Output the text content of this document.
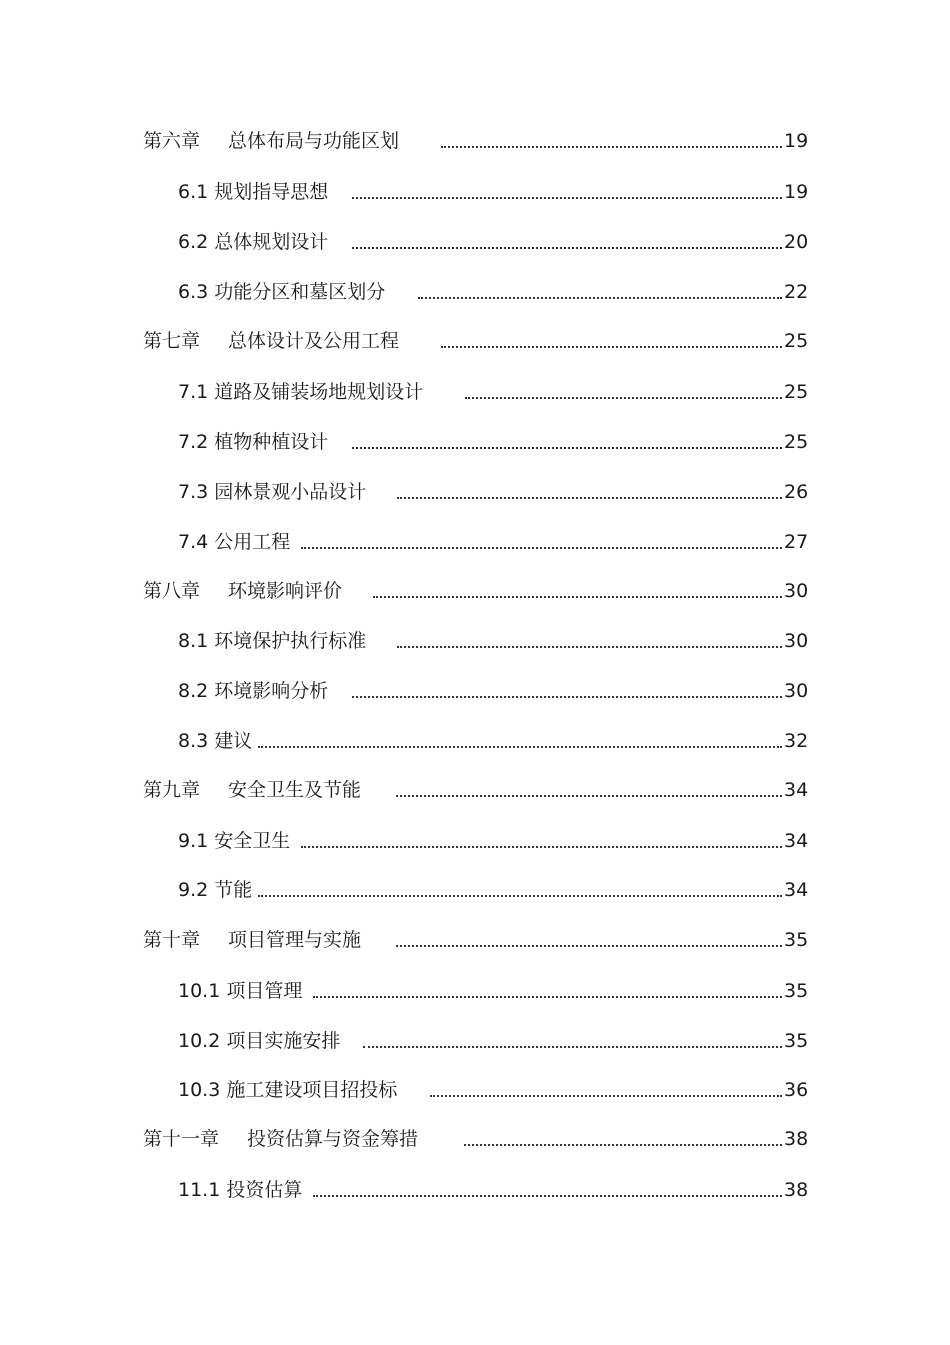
第六章 总体布局与功能区划	19
6.1 规划指导思想	19
6.2 总体规划设计	20
6.3 功能分区和墓区划分	22
第七章 总体设计及公用工程	25
7.1 道路及铺装场地规划设计	25
7.2 植物种植设计	25
7.3 园林景观小品设计	26
7.4 公用工程	27
第八章 环境影响评价	30
8.1 环境保护执行标准	30
8.2 环境影响分析	30
8.3 建议	32
第九章 安全卫生及节能	34
9.1 安全卫生	34
9.2 节能	34
第十章 项目管理与实施	35
10.1 项目管理	35
10.2 项目实施安排	35
10.3 施工建设项目招投标	36
第十一章 投资估算与资金筹措	38
11.1 投资估算	38
